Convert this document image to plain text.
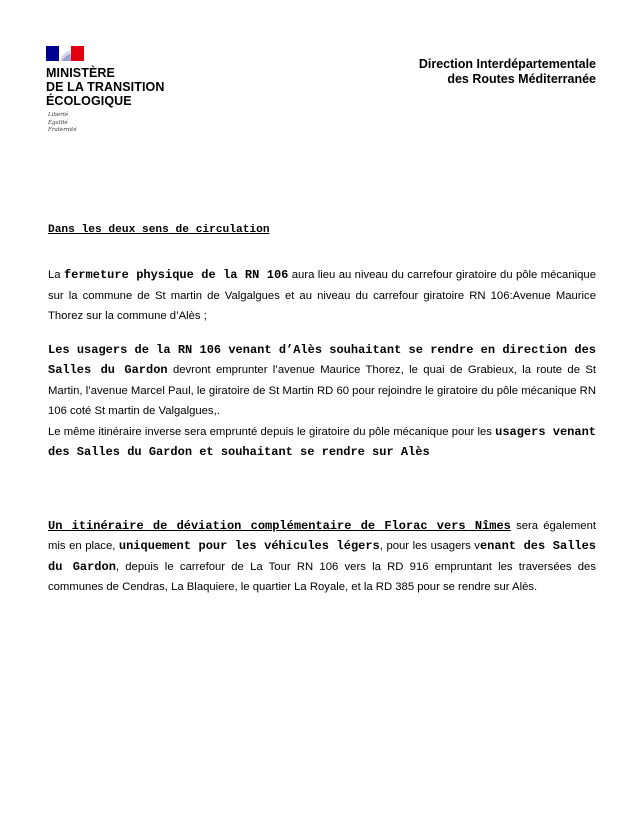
MINISTÈRE
DE LA TRANSITION
ÉCOLOGIQUE
Liberté
Égalité
Fraternité
Direction Interdépartementale
des Routes Méditerranée

Dans les deux sens de circulation

La fermeture physique de la RN 106 aura lieu au niveau du carrefour giratoire du pôle mécanique sur la commune de St martin de Valgalgues et au niveau du carrefour giratoire RN 106:Avenue Maurice Thorez sur la commune d’Alès ;

Les usagers de la RN 106 venant d’Alès souhaitant se rendre en direction des Salles du Gardon devront emprunter l’avenue Maurice Thorez, le quai de Grabieux, la route de St Martin, l’avenue Marcel Paul, le giratoire de St Martin RD 60 pour rejoindre le giratoire du pôle mécanique RN 106 coté St martin de Valgalgues,.

Le même itinéraire inverse sera emprunté depuis le giratoire du pôle mécanique pour les usagers venant des Salles du Gardon et souhaitant se rendre sur Alès

Un itinéraire de déviation complémentaire de Florac vers Nîmes sera également mis en place, uniquement pour les véhicules légers, pour les usagers venant des Salles du Gardon, depuis le carrefour de La Tour RN 106 vers la RD 916 empruntant les traversées des communes de Cendras, La Blaquiere, le quartier La Royale, et la RD 385 pour se rendre sur Alès.
